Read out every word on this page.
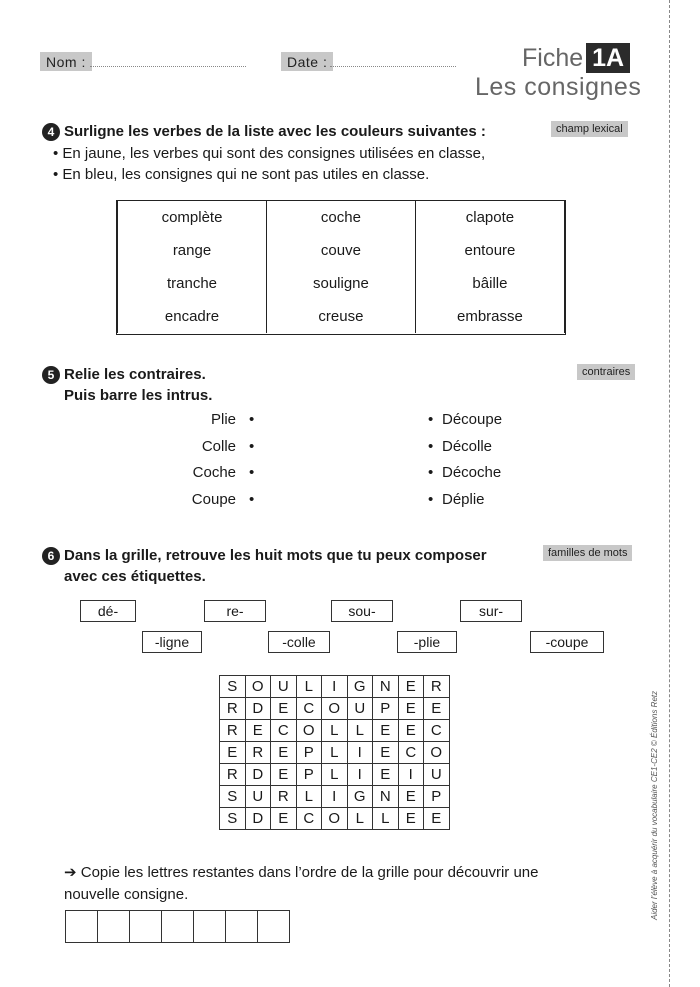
Nom :	Date :	Fiche 1A
Les consignes
4 Surligne les verbes de la liste avec les couleurs suivantes :	champ lexical
• En jaune, les verbes qui sont des consignes utilisées en classe,
• En bleu, les consignes qui ne sont pas utiles en classe.
complète	coche	clapote
range	couve	entoure
tranche	souligne	bâille
encadre	creuse	embrasse
5 Relie les contraires.
Puis barre les intrus.
contraires
Plie
Colle
Coche
Coupe
•
•
•
•
•
•
•
•
Découpe
Décolle
Décoche
Déplie
6 Dans la grille, retrouve les huit mots que tu peux composer
avec ces étiquettes.
familles de mots
dé-	re-	sou-	sur-
-ligne	-colle	-plie	-coupe
S	O	U	L	I	G	N	E	R
R	D	E	C	O	U	P	E	E
R	E	C	O	L	L	E	E	C
E	R	E	P	L	I	E	C	O
R	D	E	P	L	I	E	I	U
S	U	R	L	I	G	N	E	P
S	D	E	C	O	L	L	E	E
➔ Copie les lettres restantes dans l’ordre de la grille pour découvrir une
nouvelle consigne.
							Aider l’élève à acquérir du vocabulaire CE1-CE2 © Éditions Retz
